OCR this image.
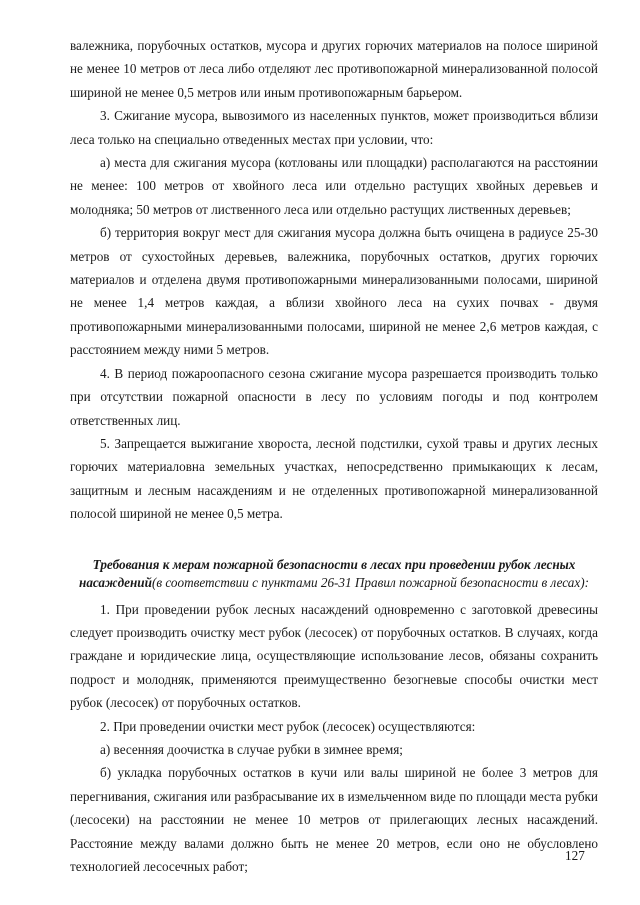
валежника, порубочных остатков, мусора и других горючих материалов на полосе шириной не менее 10 метров от леса либо отделяют лес противопожарной минерализованной полосой шириной не менее 0,5 метров или иным противопожарным барьером.

3. Сжигание мусора, вывозимого из населенных пунктов, может производиться вблизи леса только на специально отведенных местах при условии, что:

а) места для сжигания мусора (котлованы или площадки) располагаются на расстоянии не менее: 100 метров от хвойного леса или отдельно растущих хвойных деревьев и молодняка; 50 метров от лиственного леса или отдельно растущих лиственных деревьев;

б) территория вокруг мест для сжигания мусора должна быть очищена в радиусе 25-30 метров от сухостойных деревьев, валежника, порубочных остатков, других горючих материалов и отделена двумя противопожарными минерализованными полосами, шириной не менее 1,4 метров каждая, а вблизи хвойного леса на сухих почвах - двумя противопожарными минерализованными полосами, шириной не менее 2,6 метров каждая, с расстоянием между ними 5 метров.

4. В период пожароопасного сезона сжигание мусора разрешается производить только при отсутствии пожарной опасности в лесу по условиям погоды и под контролем ответственных лиц.

5. Запрещается выжигание хвороста, лесной подстилки, сухой травы и других лесных горючих материаловна земельных участках, непосредственно примыкающих к лесам, защитным и лесным насаждениям и не отделенных противопожарной минерализованной полосой шириной не менее 0,5 метра.

Требования к мерам пожарной безопасности в лесах при проведении рубок лесных насаждений(в соответствии с пунктами 26-31 Правил пожарной безопасности в лесах):

1. При проведении рубок лесных насаждений одновременно с заготовкой древесины следует производить очистку мест рубок (лесосек) от порубочных остатков. В случаях, когда граждане и юридические лица, осуществляющие использование лесов, обязаны сохранить подрост и молодняк, применяются преимущественно безогневые способы очистки мест рубок (лесосек) от порубочных остатков.

2. При проведении очистки мест рубок (лесосек) осуществляются:

а) весенняя доочистка в случае рубки в зимнее время;

б) укладка порубочных остатков в кучи или валы шириной не более 3 метров для перегнивания, сжигания или разбрасывание их в измельченном виде по площади места рубки (лесосеки) на расстоянии не менее 10 метров от прилегающих лесных насаждений. Расстояние между валами должно быть не менее 20 метров, если оно не обусловлено технологией лесосечных работ;

127
